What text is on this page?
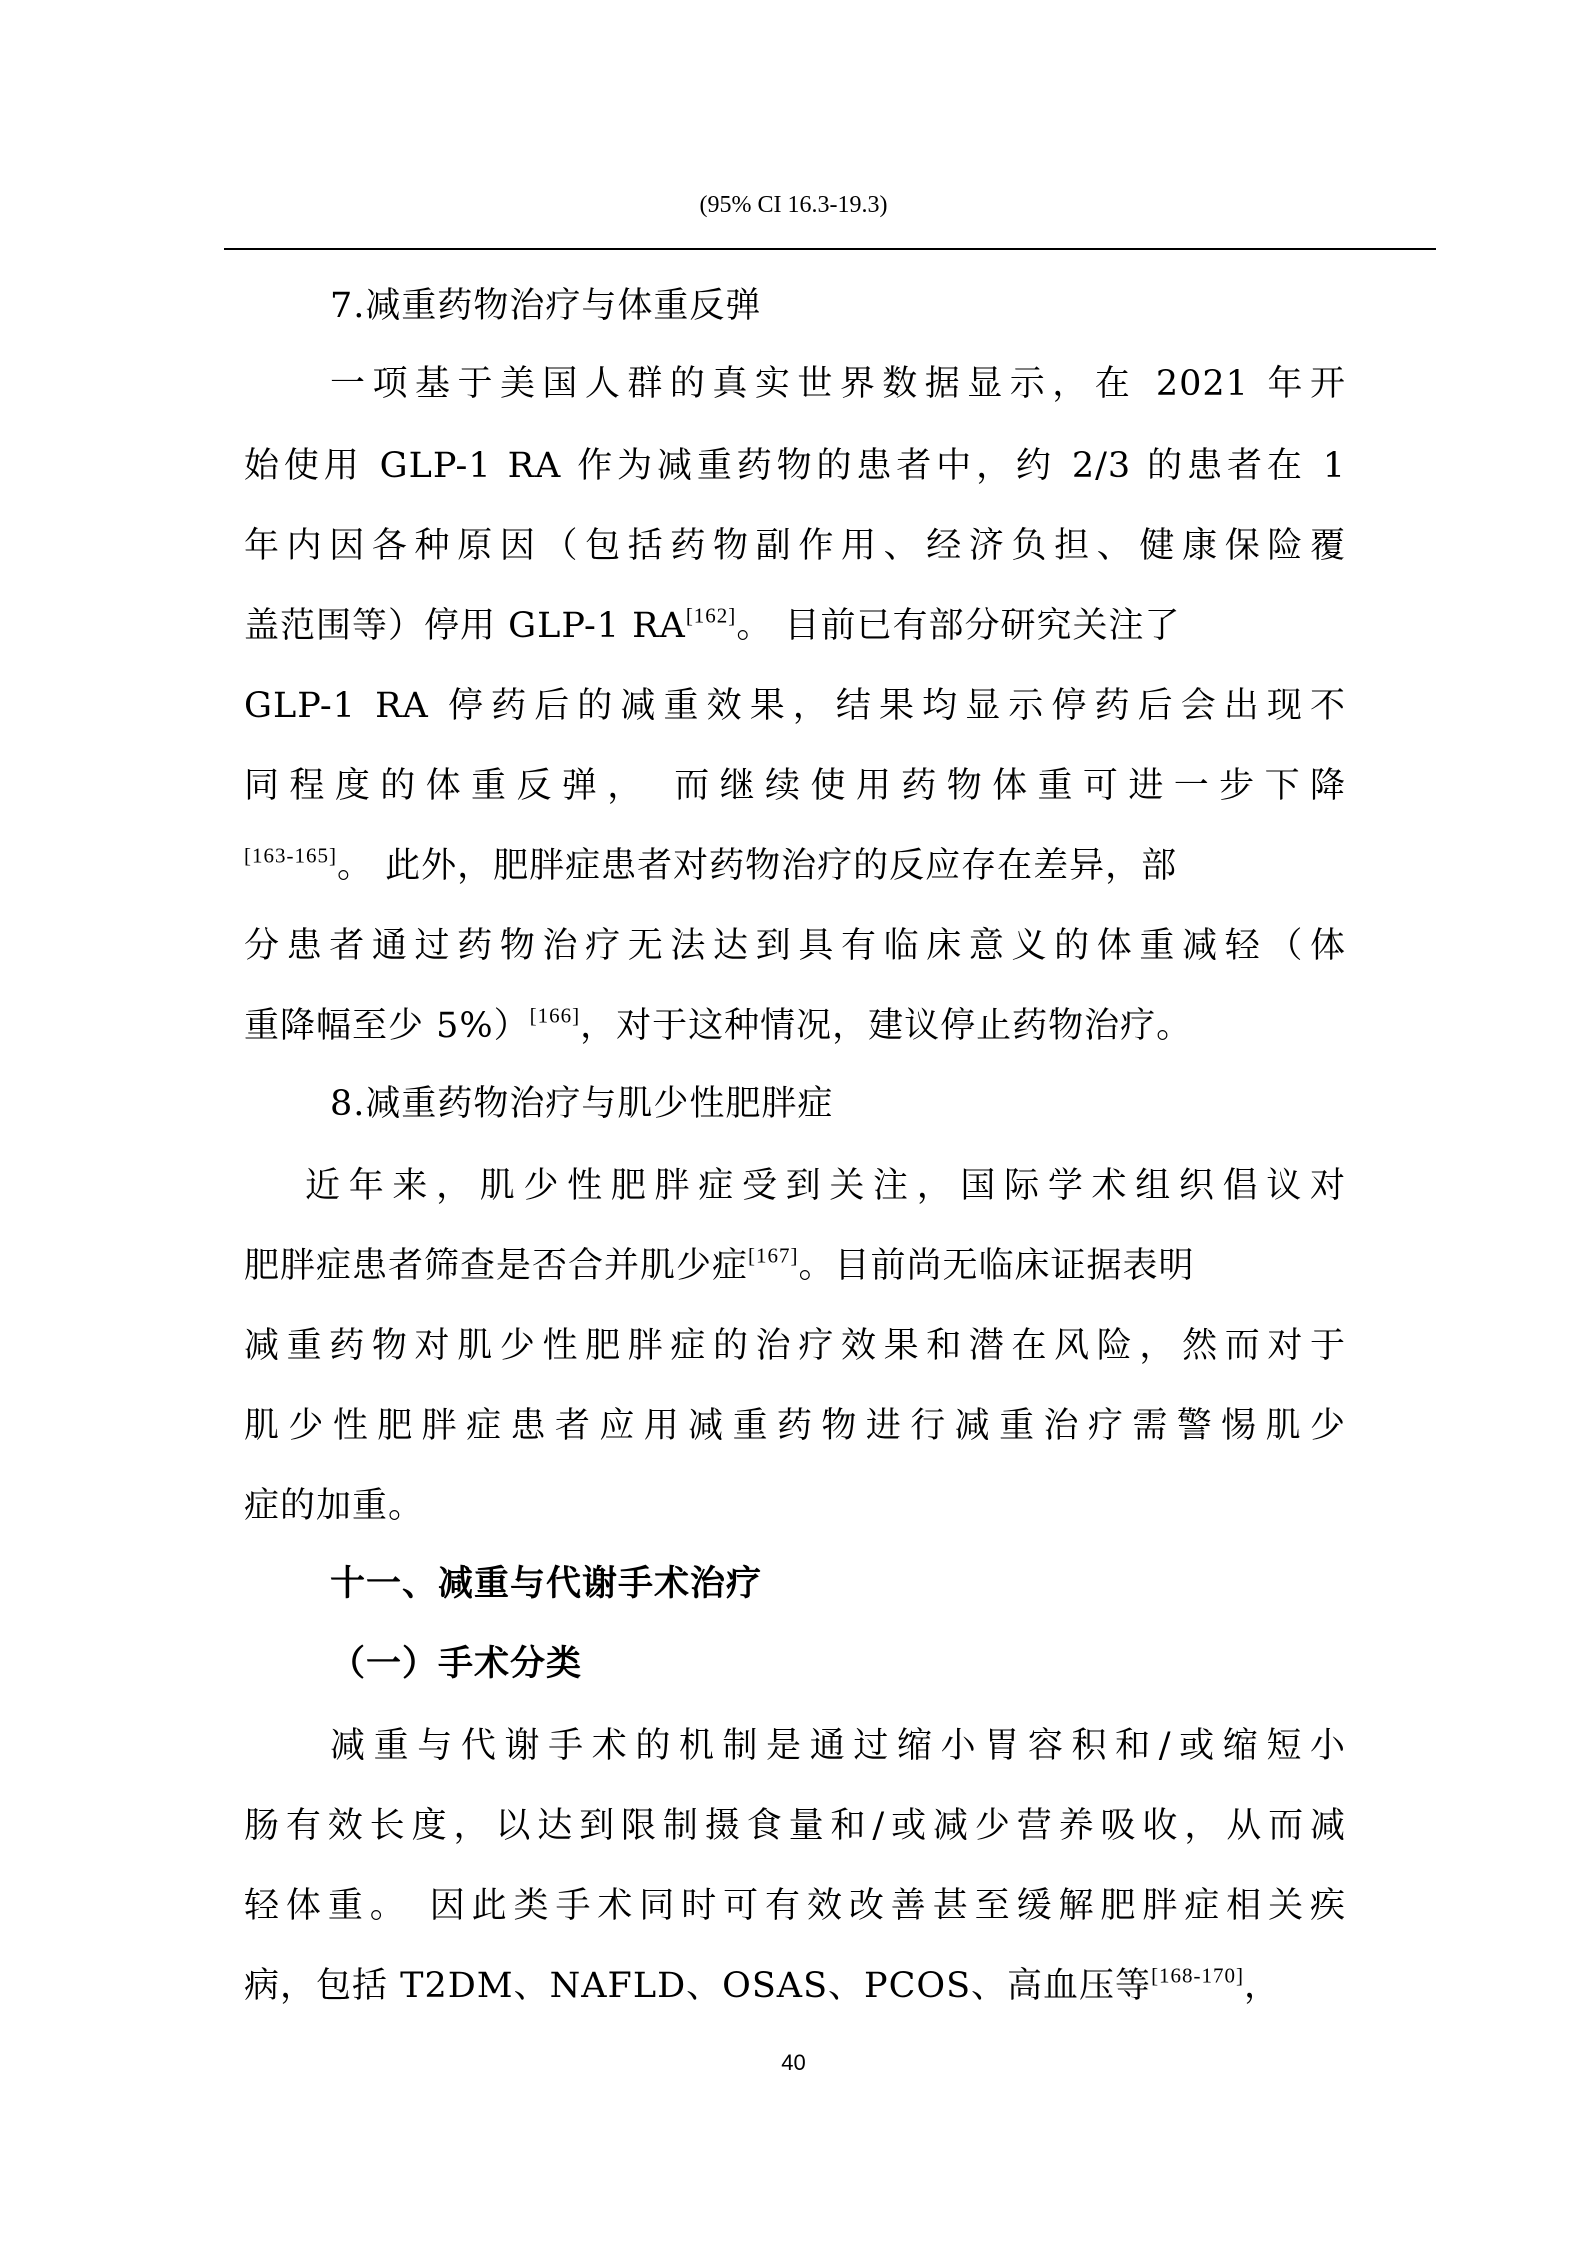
(95% CI 16.3-19.3)
7.减重药物治疗与体重反弹
一项基于美国人群的真实世界数据显示，在 2021 年开
始使用 GLP-1 RA 作为减重药物的患者中，约 2/3 的患者在 1
年内因各种原因（包括药物副作用、经济负担、健康保险覆
盖范围等）停用 GLP-1 RA[162]。 目前已有部分研究关注了
GLP-1 RA 停药后的减重效果，结果均显示停药后会出现不
同程度的体重反弹， 而继续使用药物体重可进一步下降
[163-165]。 此外，肥胖症患者对药物治疗的反应存在差异，部
分患者通过药物治疗无法达到具有临床意义的体重减轻（体
重降幅至少 5%）[166]，对于这种情况，建议停止药物治疗。
8.减重药物治疗与肌少性肥胖症
近年来，肌少性肥胖症受到关注，国际学术组织倡议对
肥胖症患者筛查是否合并肌少症[167]。目前尚无临床证据表明
减重药物对肌少性肥胖症的治疗效果和潜在风险，然而对于
肌少性肥胖症患者应用减重药物进行减重治疗需警惕肌少
症的加重。
十一、减重与代谢手术治疗
（一）手术分类
减重与代谢手术的机制是通过缩小胃容积和/或缩短小
肠有效长度，以达到限制摄食量和/或减少营养吸收，从而减
轻体重。 因此类手术同时可有效改善甚至缓解肥胖症相关疾
病，包括 T2DM、NAFLD、OSAS、PCOS、高血压等[168-170]，
40
